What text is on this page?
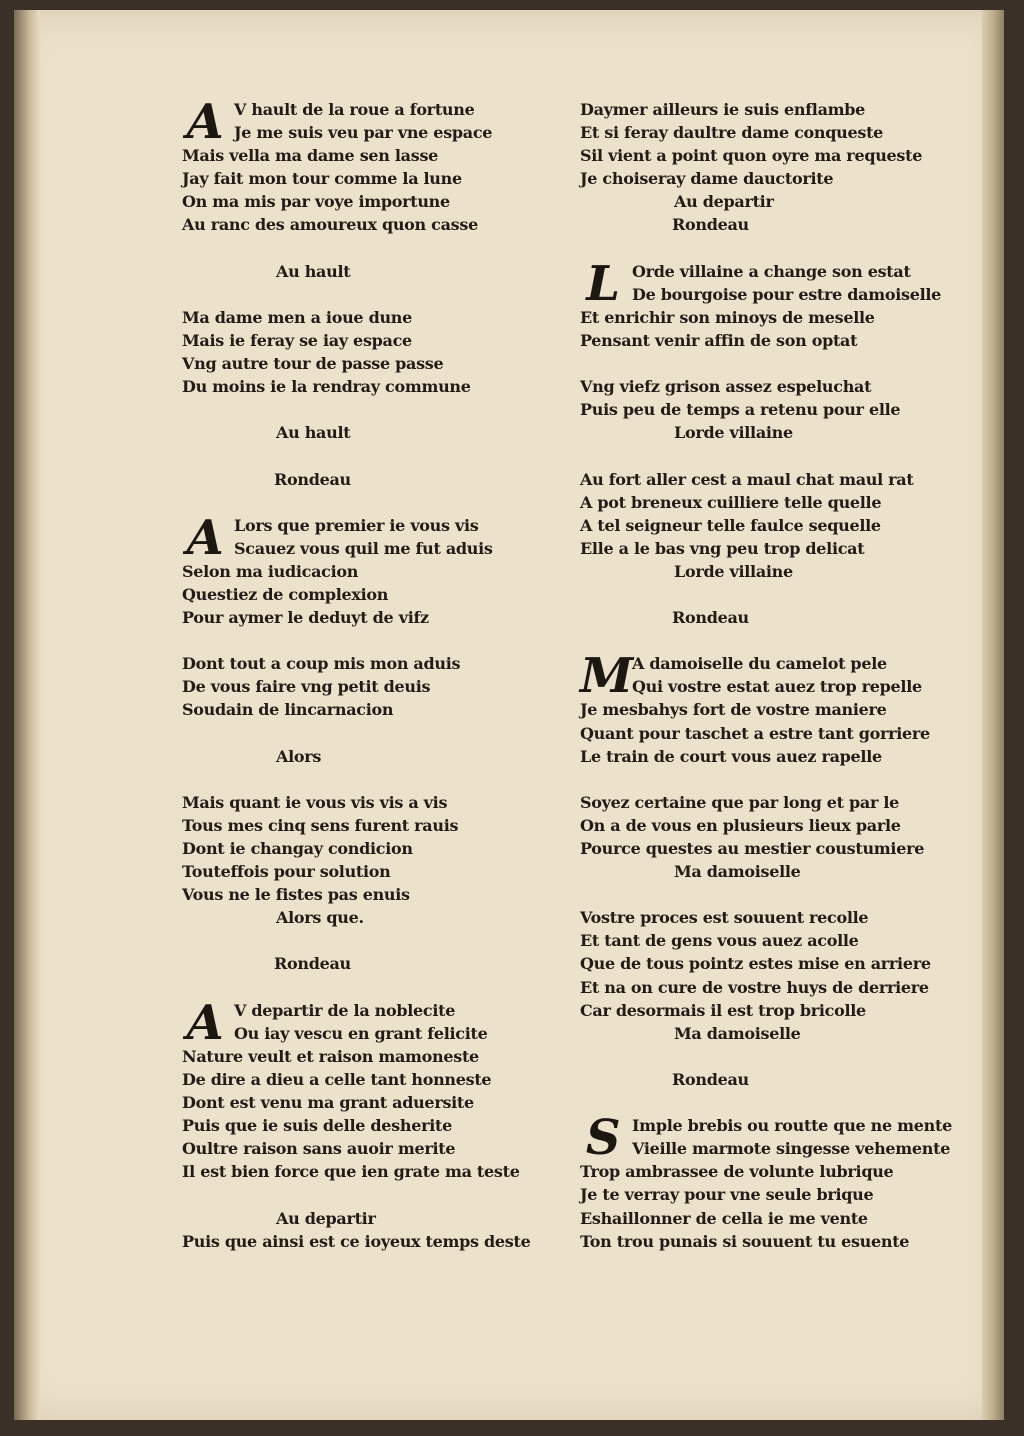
A V hault de la roue a fortune
Je me suis veu par vne espace
Mais vella ma dame sen lasse
Jay fait mon tour comme la lune
On ma mis par voye importune
Au ranc des amoureux quon casse
Au hault
Ma dame men a ioue dune
Mais ie feray se iay espace
Vng autre tour de passe passe
Du moins ie la rendray commune
Au hault
Rondeau
A Lors que premier ie vous vis
Scauez vous quil me fut aduis
Selon ma iudicacion
Questiez de complexion
Pour aymer le deduyt de vifz
Dont tout a coup mis mon aduis
De vous faire vng petit deuis
Soudain de lincarnacion
Alors
Mais quant ie vous vis vis a vis
Tous mes cinq sens furent rauis
Dont ie changay condicion
Touteffois pour solution
Vous ne le fistes pas enuis
Alors que.
Rondeau
A V departir de la noblecite
Ou iay vescu en grant felicite
Nature veult et raison mamoneste
De dire a dieu a celle tant honneste
Dont est venu ma grant aduersite
Puis que ie suis delle desherite
Oultre raison sans auoir merite
Il est bien force que ien grate ma teste
Au departir
Puis que ainsi est ce ioyeux temps deste
Daymer ailleurs ie suis enflambe
Et si feray daultre dame conqueste
Sil vient a point quon oyre ma requeste
Je choiseray dame dauctorite
Au departir
Rondeau
L Orde villaine a change son estat
De bourgoise pour estre damoiselle
Et enrichir son minoys de meselle
Pensant venir affin de son optat
Vng viefz grison assez espeluchat
Puis peu de temps a retenu pour elle
Lorde villaine
Au fort aller cest a maul chat maul rat
A pot breneux cuilliere telle quelle
A tel seigneur telle faulce sequelle
Elle a le bas vng peu trop delicat
Lorde villaine
Rondeau
M A damoiselle du camelot pele
Qui vostre estat auez trop repelle
Je mesbahys fort de vostre maniere
Quant pour taschet a estre tant gorriere
Le train de court vous auez rapelle
Soyez certaine que par long et par le
On a de vous en plusieurs lieux parle
Pource questes au mestier coustumiere
Ma damoiselle
Vostre proces est souuent recolle
Et tant de gens vous auez acolle
Que de tous pointz estes mise en arriere
Et na on cure de vostre huys de derriere
Car desormais il est trop bricolle
Ma damoiselle
Rondeau
S Imple brebis ou routte que ne mente
Vieille marmote singesse vehemente
Trop ambrassee de volunte lubrique
Je te verray pour vne seule brique
Eshaillonner de cella ie me vente
Ton trou punais si souuent tu esuente
